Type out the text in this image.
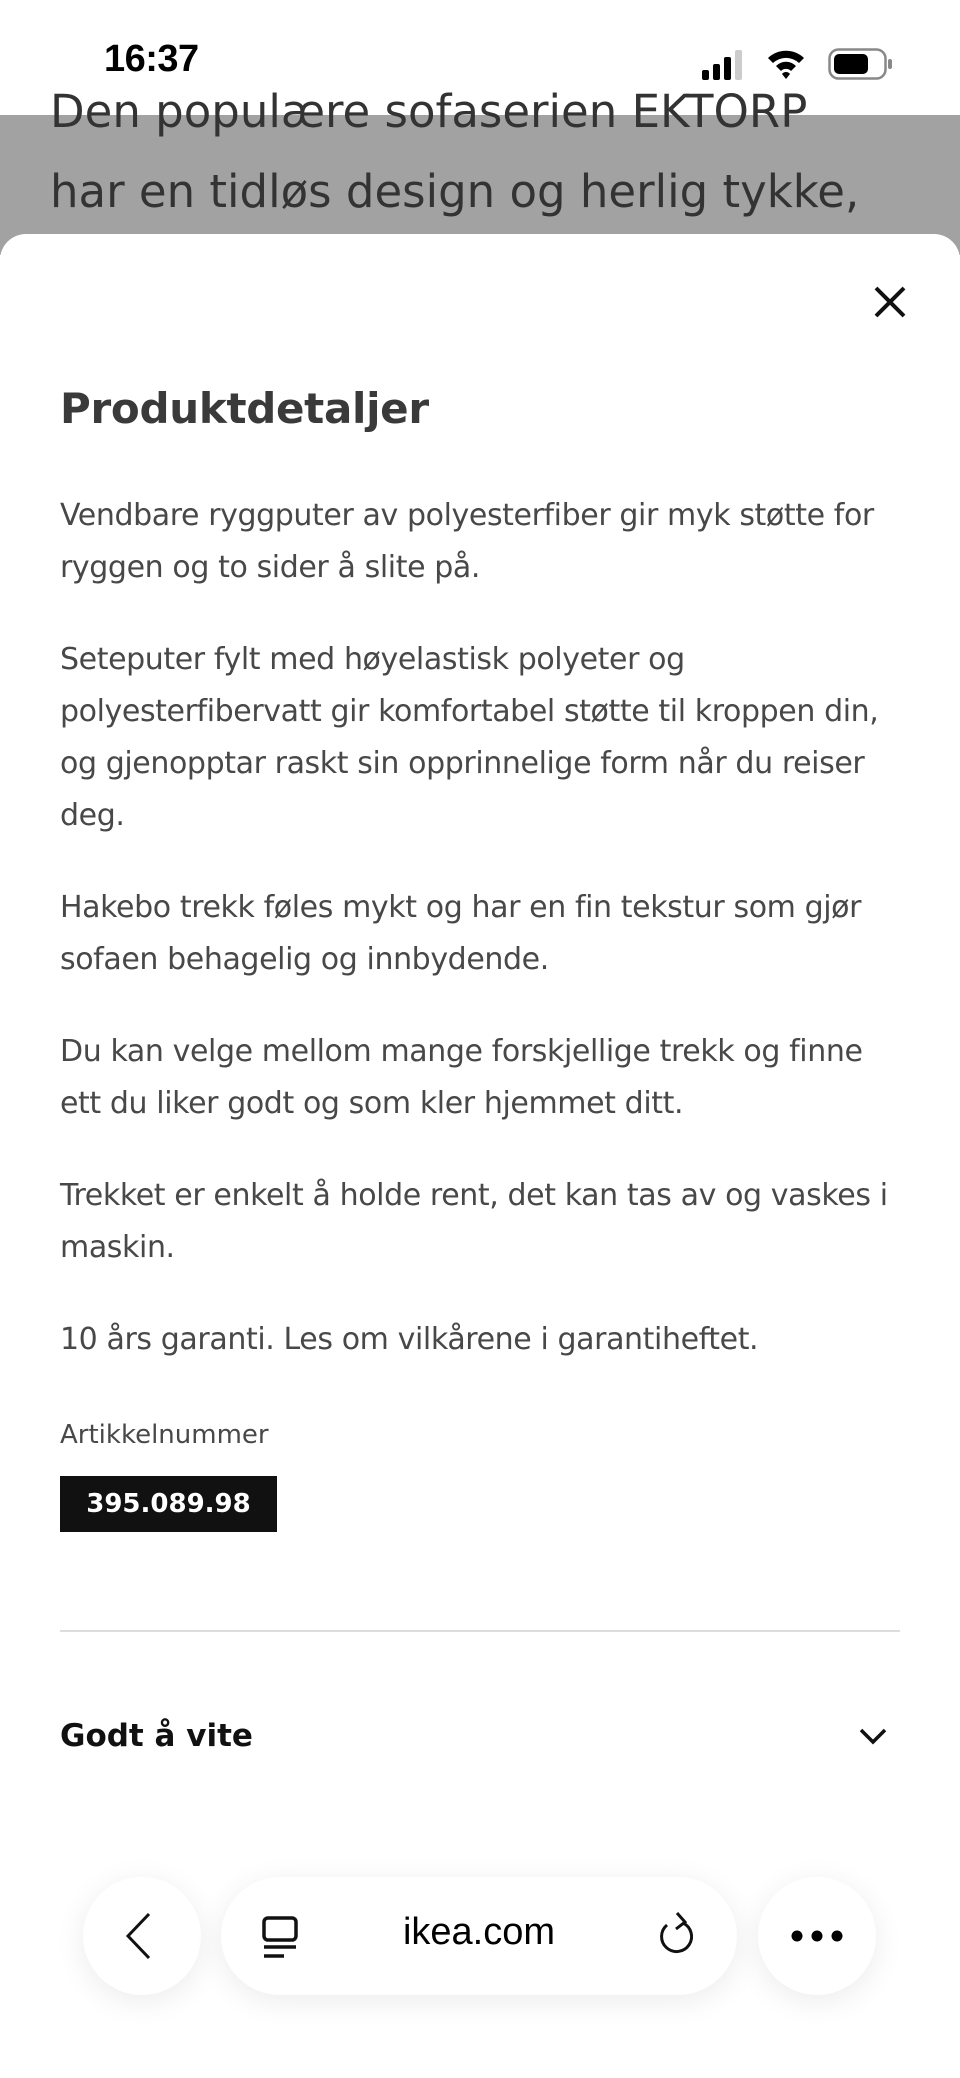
16:37
Den populære sofaserien EKTORP
har en tidløs design og herlig tykke,
Produktdetaljer

Vendbare ryggputer av polyesterfiber gir myk støtte for ryggen og to sider å slite på.

Seteputer fylt med høyelastisk polyeter og polyesterfibervatt gir komfortabel støtte til kroppen din, og gjenopptar raskt sin opprinnelige form når du reiser deg.

Hakebo trekk føles mykt og har en fin tekstur som gjør sofaen behagelig og innbydende.

Du kan velge mellom mange forskjellige trekk og finne ett du liker godt og som kler hjemmet ditt.

Trekket er enkelt å holde rent, det kan tas av og vaskes i maskin.

10 års garanti. Les om vilkårene i garantiheftet.

Artikkelnummer
395.089.98
Godt å vite
ikea.com
